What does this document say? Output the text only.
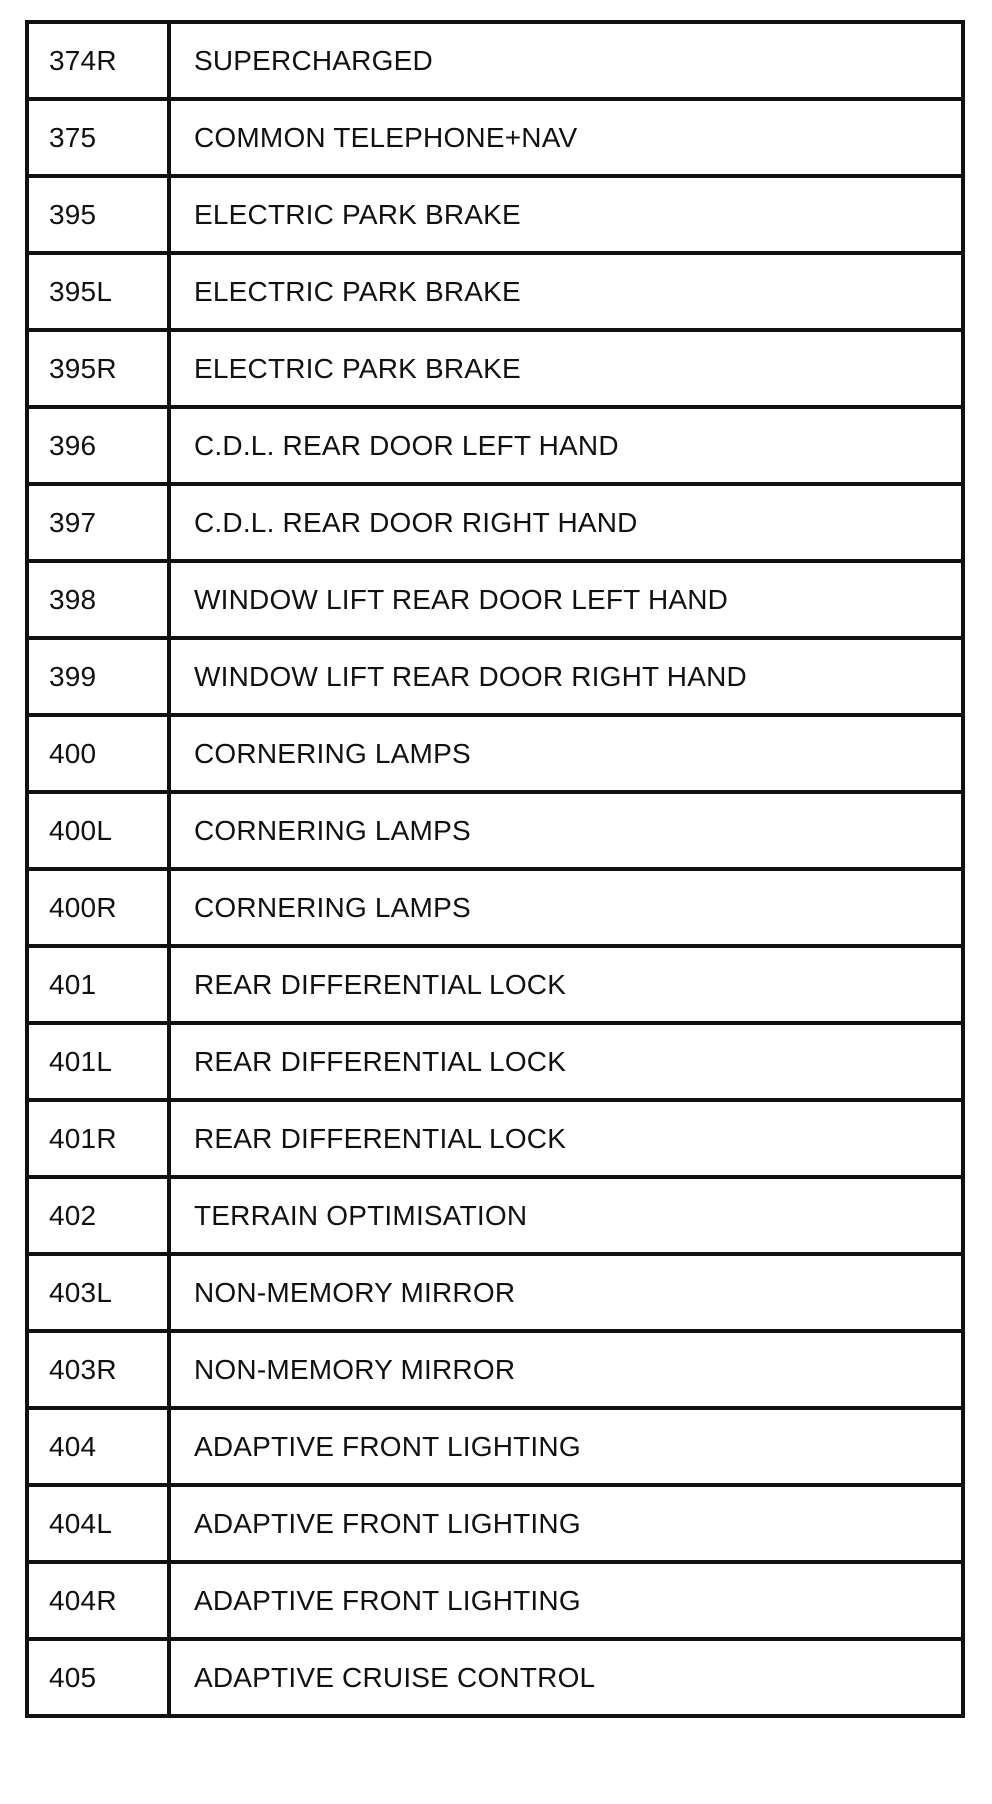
374R	SUPERCHARGED
375	COMMON TELEPHONE+NAV
395	ELECTRIC PARK BRAKE
395L	ELECTRIC PARK BRAKE
395R	ELECTRIC PARK BRAKE
396	C.D.L. REAR DOOR LEFT HAND
397	C.D.L. REAR DOOR RIGHT HAND
398	WINDOW LIFT REAR DOOR LEFT HAND
399	WINDOW LIFT REAR DOOR RIGHT HAND
400	CORNERING LAMPS
400L	CORNERING LAMPS
400R	CORNERING LAMPS
401	REAR DIFFERENTIAL LOCK
401L	REAR DIFFERENTIAL LOCK
401R	REAR DIFFERENTIAL LOCK
402	TERRAIN OPTIMISATION
403L	NON-MEMORY MIRROR
403R	NON-MEMORY MIRROR
404	ADAPTIVE FRONT LIGHTING
404L	ADAPTIVE FRONT LIGHTING
404R	ADAPTIVE FRONT LIGHTING
405	ADAPTIVE CRUISE CONTROL
